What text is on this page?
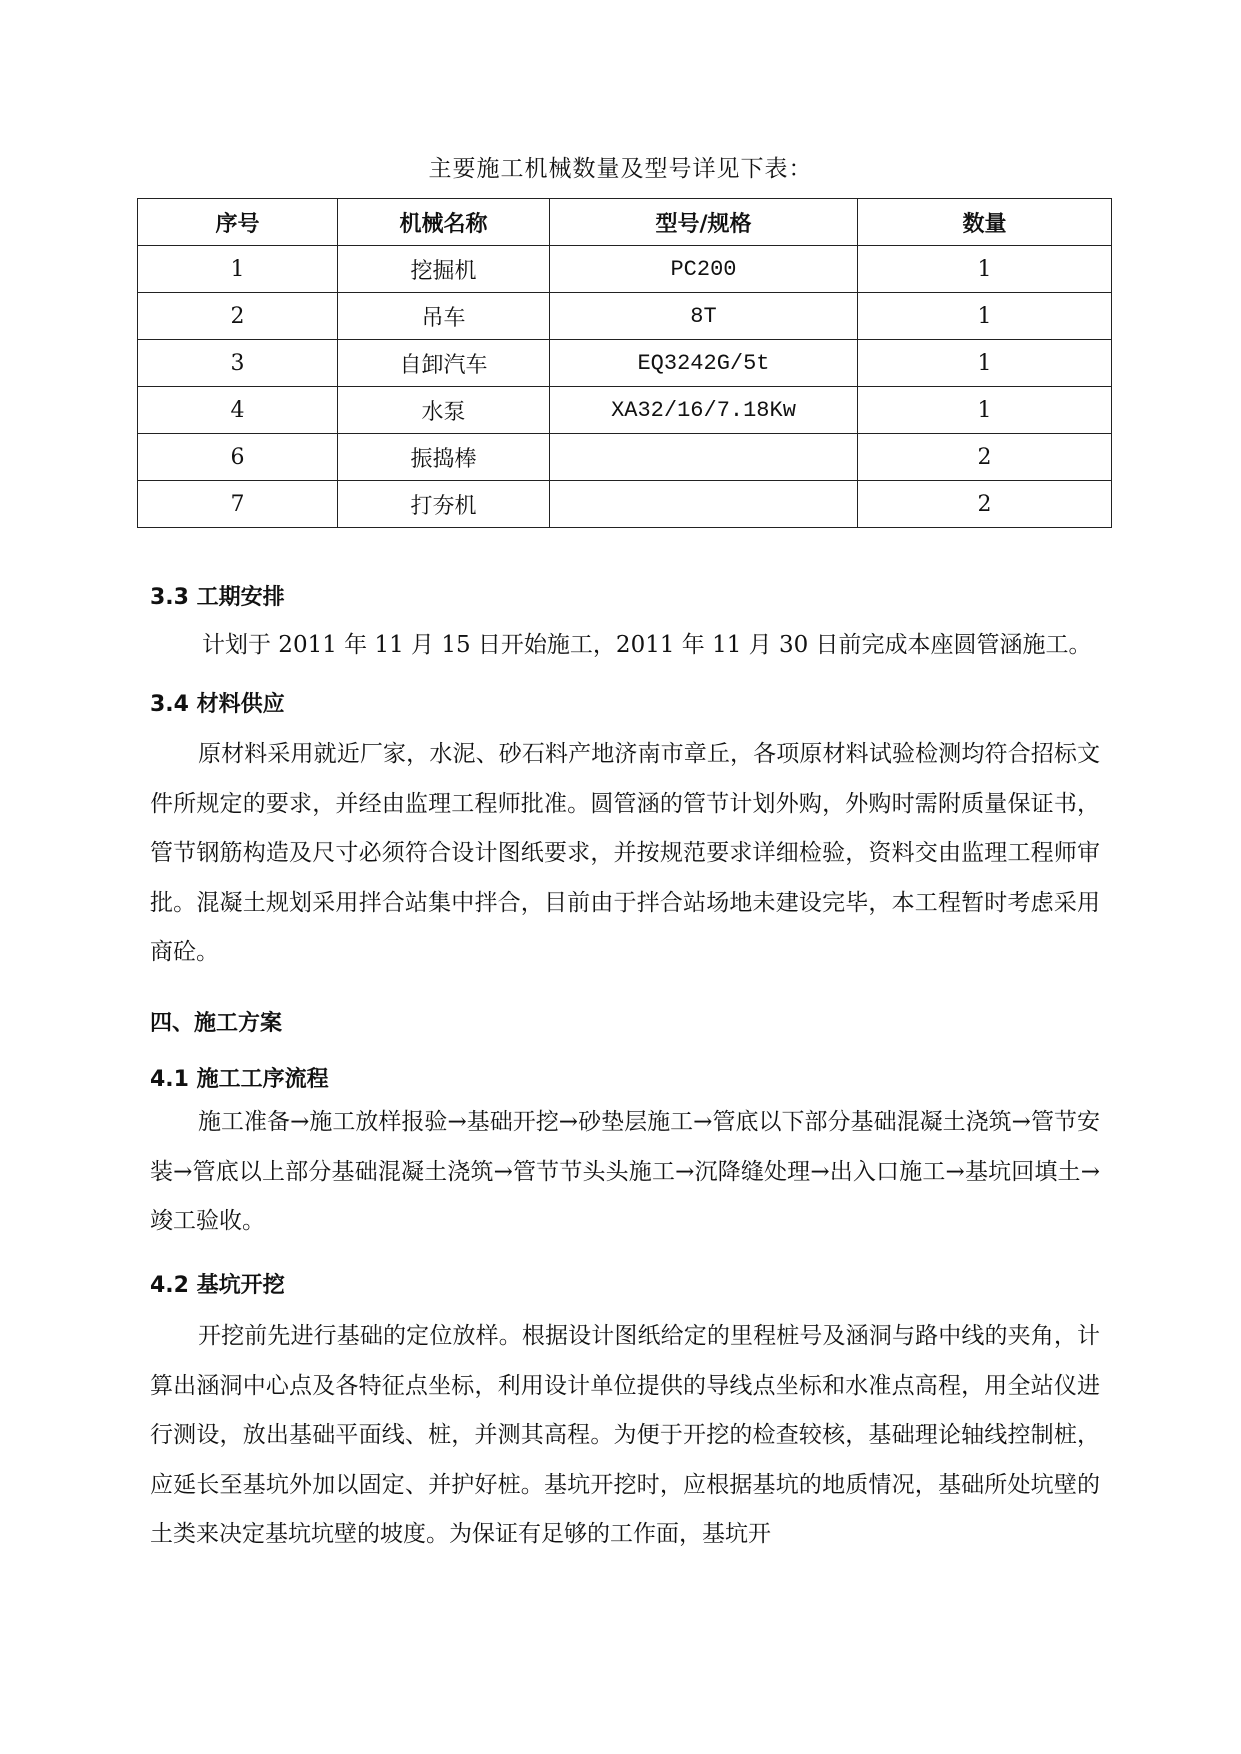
主要施工机械数量及型号详见下表：
序号	机械名称	型号/规格	数量
1	挖掘机	PC200	1
2	吊车	8T	1
3	自卸汽车	EQ3242G/5t	1
4	水泵	XA32/16/7.18Kw	1
6	振捣棒		2
7	打夯机		2
3.3 工期安排
计划于 2011 年 11 月 15 日开始施工，2011 年 11 月 30 日前完成本座圆管涵施工。
3.4 材料供应
原材料采用就近厂家，水泥、砂石料产地济南市章丘，各项原材料试验检测均符合招标文件所规定的要求，并经由监理工程师批准。圆管涵的管节计划外购，外购时需附质量保证书，管节钢筋构造及尺寸必须符合设计图纸要求，并按规范要求详细检验，资料交由监理工程师审批。混凝土规划采用拌合站集中拌合，目前由于拌合站场地未建设完毕，本工程暂时考虑采用商砼。
四、施工方案
4.1 施工工序流程
施工准备→施工放样报验→基础开挖→砂垫层施工→管底以下部分基础混凝土浇筑→管节安装→管底以上部分基础混凝土浇筑→管节节头头施工→沉降缝处理→出入口施工→基坑回填土→竣工验收。
4.2 基坑开挖
开挖前先进行基础的定位放样。根据设计图纸给定的里程桩号及涵洞与路中线的夹角，计算出涵洞中心点及各特征点坐标，利用设计单位提供的导线点坐标和水准点高程，用全站仪进行测设，放出基础平面线、桩，并测其高程。为便于开挖的检查较核，基础理论轴线控制桩，应延长至基坑外加以固定、并护好桩。基坑开挖时，应根据基坑的地质情况，基础所处坑壁的土类来决定基坑坑壁的坡度。为保证有足够的工作面，基坑开
